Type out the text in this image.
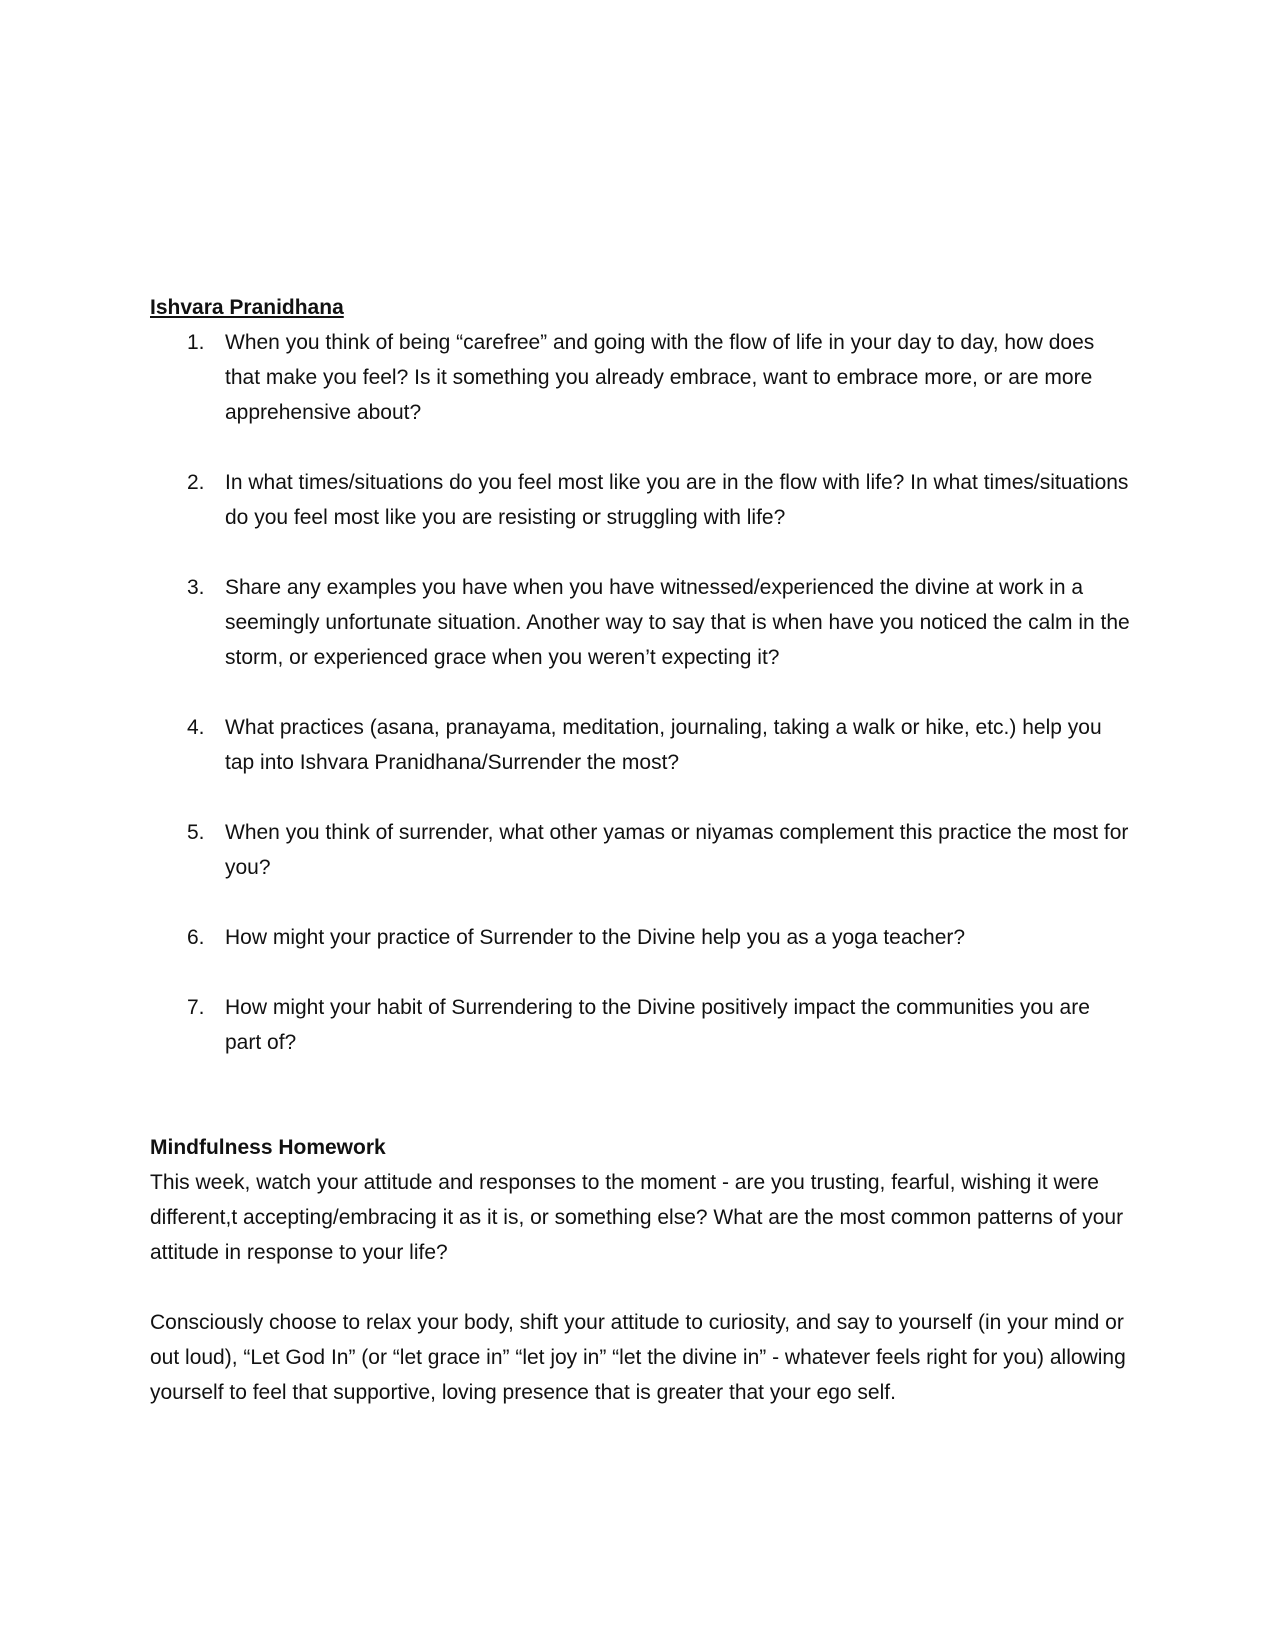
Ishvara Pranidhana

1. When you think of being “carefree” and going with the flow of life in your day to day, how does that make you feel? Is it something you already embrace, want to embrace more, or are more apprehensive about?
2. In what times/situations do you feel most like you are in the flow with life? In what times/situations do you feel most like you are resisting or struggling with life?
3. Share any examples you have when you have witnessed/experienced the divine at work in a seemingly unfortunate situation. Another way to say that is when have you noticed the calm in the storm, or experienced grace when you weren’t expecting it?
4. What practices (asana, pranayama, meditation, journaling, taking a walk or hike, etc.) help you tap into Ishvara Pranidhana/Surrender the most?
5. When you think of surrender, what other yamas or niyamas complement this practice the most for you?
6. How might your practice of Surrender to the Divine help you as a yoga teacher?
7. How might your habit of Surrendering to the Divine positively impact the communities you are part of?

Mindfulness Homework

This week, watch your attitude and responses to the moment - are you trusting, fearful, wishing it were different,t accepting/embracing it as it is, or something else? What are the most common patterns of your attitude in response to your life?

Consciously choose to relax your body, shift your attitude to curiosity, and say to yourself (in your mind or out loud), “Let God In” (or “let grace in” “let joy in” “let the divine in” - whatever feels right for you) allowing yourself to feel that supportive, loving presence that is greater that your ego self.
